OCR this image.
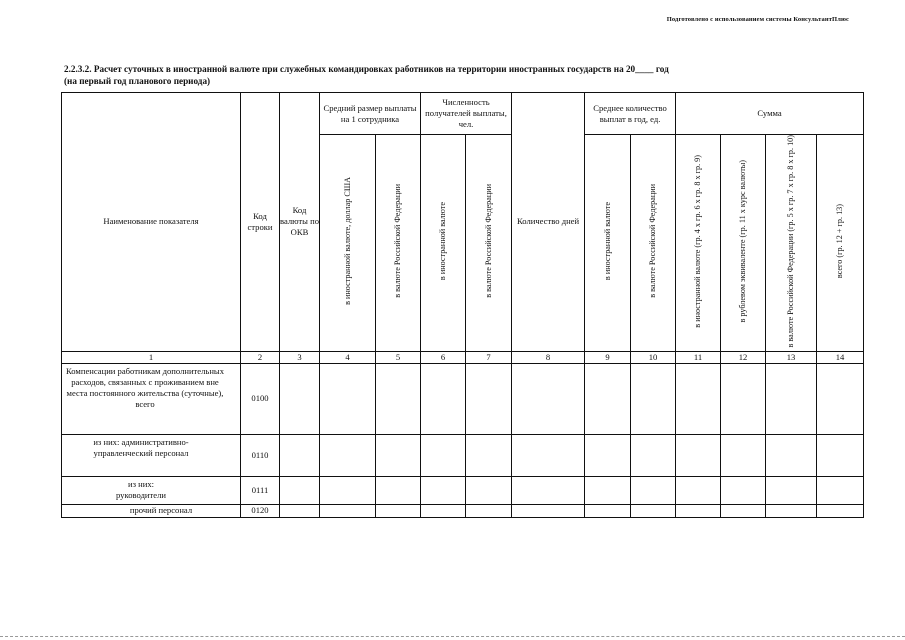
Подготовлено с использованием системы КонсультантПлюс
2.2.3.2. Расчет суточных в иностранной валюте при служебных командировках работников на территории иностранных государств на 20____ год
(на первый год планового периода)
Наименование показателя	Код строки	Код валюты по ОКВ	Средний размер выплаты на 1 сотрудника		Численность получателей выплаты, чел.		Количество дней	Среднее количество выплат в год, ед.		Сумма			
			в иностранной валюте, доллар США	в валюте Российской Федерации	в иностранной валюте	в валюте Российской Федерации		в иностранной валюте	в валюте Российской Федерации	в иностранной валюте (гр. 4 x гр. 6 x гр. 8 x гр. 9)	в рублевом эквиваленте (гр. 11 x курс валюты)	в валюте Российской Федерации (гр. 5 x гр. 7 x гр. 8 x гр. 10)	всего (гр. 12 + гр. 13)
1	2	3	4	5	6	7	8	9	10	11	12	13	14
Компенсации работникам дополнительных расходов, связанных с проживанием вне места постоянного жительства (суточные), всего	0100												
из них: административно-управленческий персонал	0110												
из них: руководители	0111												
прочий персонал	0120												
